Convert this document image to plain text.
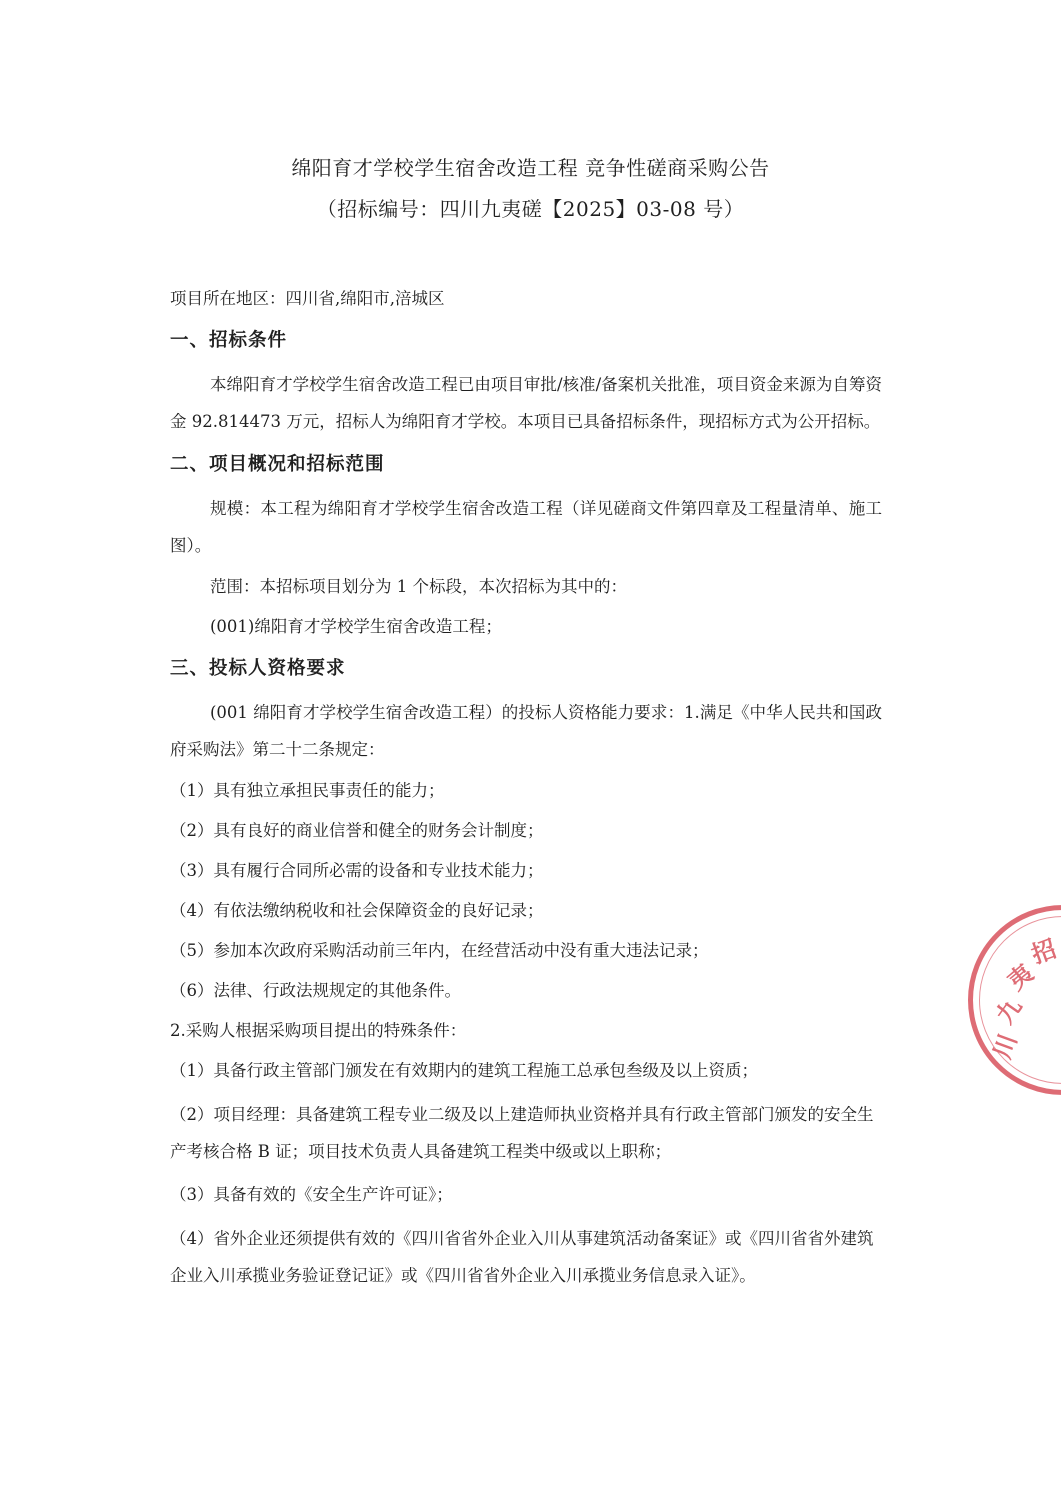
绵阳育才学校学生宿舍改造工程 竞争性磋商采购公告
（招标编号：四川九夷磋【2025】03-08 号）

项目所在地区：四川省,绵阳市,涪城区

一、招标条件

本绵阳育才学校学生宿舍改造工程已由项目审批/核准/备案机关批准，项目资金来源为自筹资金 92.814473 万元，招标人为绵阳育才学校。本项目已具备招标条件，现招标方式为公开招标。

二、项目概况和招标范围

规模：本工程为绵阳育才学校学生宿舍改造工程（详见磋商文件第四章及工程量清单、施工图）。

范围：本招标项目划分为 1 个标段，本次招标为其中的：

(001)绵阳育才学校学生宿舍改造工程；

三、投标人资格要求

(001 绵阳育才学校学生宿舍改造工程）的投标人资格能力要求：1.满足《中华人民共和国政府采购法》第二十二条规定：

（1）具有独立承担民事责任的能力；

（2）具有良好的商业信誉和健全的财务会计制度；

（3）具有履行合同所必需的设备和专业技术能力；

（4）有依法缴纳税收和社会保障资金的良好记录；

（5）参加本次政府采购活动前三年内，在经营活动中没有重大违法记录；

（6）法律、行政法规规定的其他条件。

2.采购人根据采购项目提出的特殊条件：

（1）具备行政主管部门颁发在有效期内的建筑工程施工总承包叁级及以上资质；

（2）项目经理：具备建筑工程专业二级及以上建造师执业资格并具有行政主管部门颁发的安全生产考核合格 B 证；项目技术负责人具备建筑工程类中级或以上职称；

（3）具备有效的《安全生产许可证》；

（4）省外企业还须提供有效的《四川省省外企业入川从事建筑活动备案证》或《四川省省外建筑企业入川承揽业务验证登记证》或《四川省省外企业入川承揽业务信息录入证》。

川
九
夷
招
